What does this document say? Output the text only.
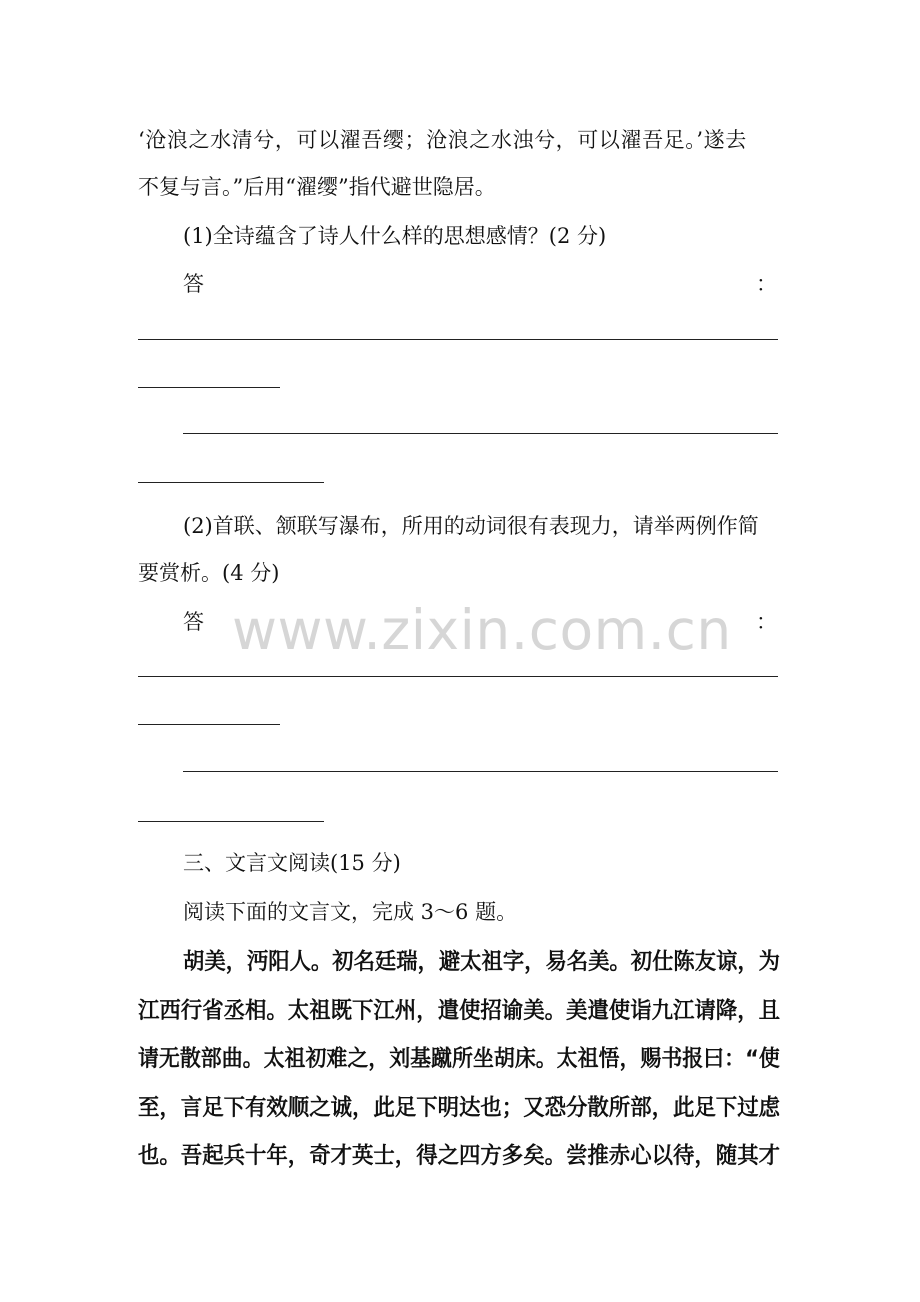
‘沧浪之水清兮，可以濯吾缨；沧浪之水浊兮，可以濯吾足。’遂去
不复与言。”后用“濯缨”指代避世隐居。
(1)全诗蕴含了诗人什么样的思想感情？(2 分)
答	：
(2)首联、颔联写瀑布，所用的动词很有表现力，请举两例作简
要赏析。(4 分)
答	：
www.zixin.com.cn
三、文言文阅读(15 分)
阅读下面的文言文，完成 3～6 题。
胡美，沔阳人。初名廷瑞，避太祖字，易名美。初仕陈友谅，为
江西行省丞相。太祖既下江州，遣使招谕美。美遣使诣九江请降，且
请无散部曲。太祖初难之，刘基蹴所坐胡床。太祖悟，赐书报曰：“使
至，言足下有效顺之诚，此足下明达也；又恐分散所部，此足下过虑
也。吾起兵十年，奇才英士，得之四方多矣。尝推赤心以待，随其才
